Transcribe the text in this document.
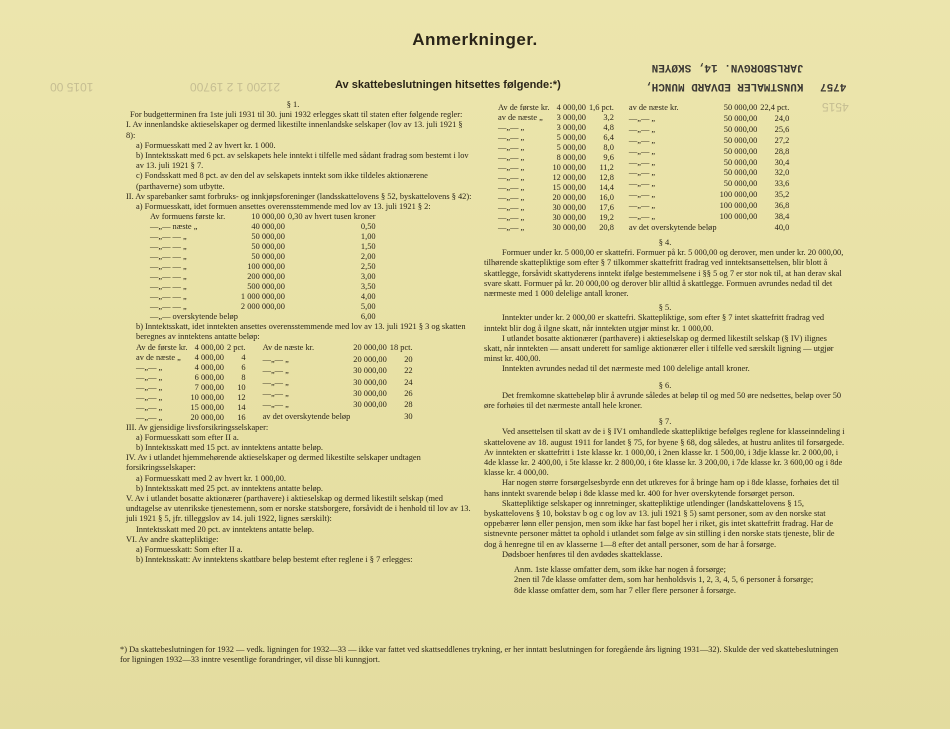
1015 00	21200 1 2 19700
4515
Anmerkninger.
Av skattebeslutningen hitsettes følgende:*)	KUNSTMALER EDVARD MUNCH,
JARLSBORGVN. 14, SKØYEN
4757

§ 1.

For budgetterminen fra 1ste juli 1931 til 30. juni 1932 erlegges skatt til staten efter følgende regler:

I. Av innenlandske aktieselskaper og dermed likestilte innenlandske selskaper (lov av 13. juli 1921 § 8):

a) Formuesskatt med 2 av hvert kr. 1 000.

b) Inntektsskatt med 6 pct. av selskapets hele inntekt i tilfelle med sådant fradrag som bestemt i lov av 13. juli 1921 § 7.

c) Fondsskatt med 8 pct. av den del av selskapets inntekt som ikke tildeles aktionærene (parthaverne) som utbytte.

II. Av sparebanker samt forbruks- og innkjøpsforeninger (landsskattelovens § 52, byskattelovens § 42):

a) Formuesskatt, idet formuen ansettes overensstemmende med lov av 13. juli 1921 § 2:

Av formuens første kr.	10 000,00	0,30 av hvert tusen kroner
—„— næste „	40 000,00	0,50
—„— — „	50 000,00	1,00
—„— — „	50 000,00	1,50
—„— — „	50 000,00	2,00
—„— — „	100 000,00	2,50
—„— — „	200 000,00	3,00
—„— — „	500 000,00	3,50
—„— — „	1 000 000,00	4,00
—„— — „	2 000 000,00	5,00
—„— overskytende beløp		6,00

b) Inntektsskatt, idet inntekten ansettes overensstemmende med lov av 13. juli 1921 § 3 og skatten beregnes av inntektens antatte beløp:

Av de første kr.	4 000,00	2 pct.
av de næste „	4 000,00	4
—„— „	4 000,00	6
—„— „	6 000,00	8
—„— „	7 000,00	10
—„— „	10 000,00	12
—„— „	15 000,00	14
—„— „	20 000,00	16
Av de næste kr.	20 000,00	18 pct.
—„— „	20 000,00	20
—„— „	30 000,00	22
—„— „	30 000,00	24
—„— „	30 000,00	26
—„— „	30 000,00	28
av det overskytende beløp		30

III. Av gjensidige livsforsikringsselskaper:

a) Formuesskatt som efter II a.

b) Inntektsskatt med 15 pct. av inntektens antatte beløp.

IV. Av i utlandet hjemmehørende aktieselskaper og dermed likestilte selskaper undtagen forsikringsselskaper:

a) Formuesskatt med 2 av hvert kr. 1 000,00.

b) Inntektsskatt med 25 pct. av inntektens antatte beløp.

V. Av i utlandet bosatte aktionærer (parthavere) i aktieselskap og dermed likestilt selskap (med undtagelse av utenrikske tjenestemenn, som er norske statsborgere, forsåvidt de i henhold til lov av 13. juli 1921 § 5, jfr. tilleggslov av 14. juli 1922, lignes særskilt):

Inntektsskatt med 20 pct. av inntektens antatte beløp.

VI. Av andre skattepliktige:

a) Formuesskatt: Som efter II a.

b) Inntektsskatt: Av inntektens skattbare beløp bestemt efter reglene i § 7 erlegges:

Av de første kr.	4 000,00	1,6 pct.
av de næste „	3 000,00	3,2
—„— „	3 000,00	4,8
—„— „	5 000,00	6,4
—„— „	5 000,00	8,0
—„— „	8 000,00	9,6
—„— „	10 000,00	11,2
—„— „	12 000,00	12,8
—„— „	15 000,00	14,4
—„— „	20 000,00	16,0
—„— „	30 000,00	17,6
—„— „	30 000,00	19,2
—„— „	30 000,00	20,8
av de næste kr.	50 000,00	22,4 pct.
—„— „	50 000,00	24,0
—„— „	50 000,00	25,6
—„— „	50 000,00	27,2
—„— „	50 000,00	28,8
—„— „	50 000,00	30,4
—„— „	50 000,00	32,0
—„— „	50 000,00	33,6
—„— „	100 000,00	35,2
—„— „	100 000,00	36,8
—„— „	100 000,00	38,4
av det overskytende beløp		40,0

§ 4.

Formuer under kr. 5 000,00 er skattefri. Formuer på kr. 5 000,00 og derover, men under kr. 20 000,00, tilhørende skattepliktige som efter § 7 tilkommer skattefritt fradrag ved inntektsansettelsen, blir blott å skattlegge, forsåvidt skattyderens inntekt ifølge bestemmelsene i §§ 5 og 7 er stor nok til, at han derav skal svare skatt. Formuer på kr. 20 000,00 og derover blir alltid å skattlegge. Formuen avrundes nedad til det nærmeste med 1 000 delelige antall kroner.

§ 5.

Inntekter under kr. 2 000,00 er skattefri. Skattepliktige, som efter § 7 intet skattefritt fradrag ved inntekt blir dog å ilgne skatt, når inntekten utgjør minst kr. 1 000,00.

I utlandet bosatte aktionærer (parthavere) i aktieselskap og dermed likestilt selskap (§ IV) ilignes skatt, når inntekten — ansatt underett for samlige aktionærer eller i tilfelle ved særskilt ligning — utgjør minst kr. 400,00.

Inntekten avrundes nedad til det nærmeste med 100 delelige antall kroner.

§ 6.

Det fremkomne skattebeløp blir å avrunde således at beløp til og med 50 øre nedsettes, beløp over 50 øre forhøies til det nærmeste antall hele kroner.

§ 7.

Ved ansettelsen til skatt av de i § IV1 omhandlede skattepliktige befølges reglene for klasseinndeling i skattelovene av 18. august 1911 for landet § 75, for byene § 68, dog således, at hustru anlites til forsørgede. Av inntekten er skattefritt i 1ste klasse kr. 1 000,00, i 2nen klasse kr. 1 500,00, i 3dje klasse kr. 2 000,00, i 4de klasse kr. 2 400,00, i 5te klasse kr. 2 800,00, i 6te klasse kr. 3 200,00, i 7de klasse kr. 3 600,00 og i 8de klasse kr. 4 000,00.

Har nogen større forsørgelsesbyrde enn det utkreves for å bringe ham op i 8de klasse, forhøies det til hans inntekt svarende beløp i 8de klasse med kr. 400 for hver overskytende forsørget person.

Skattepliktige selskaper og innretninger, skattepliktige utlendinger (landskattelovens § 15, byskattelovens § 10, bokstav b og c og lov av 13. juli 1921 § 5) samt personer, som av den norske stat oppebærer lønn eller pensjon, men som ikke har fast bopel her i riket, gis intet skattefritt fradrag. Har de sistnevnte personer måttet ta ophold i utlandet som følge av sin stilling i den norske stats tjeneste, blir de dog å henregne til en av klasserne 1—8 efter det antall personer, som de har å forsørge.

Dødsboer henføres til den avdødes skatteklasse.

Anm. 1ste klasse omfatter dem, som ikke har nogen å forsørge;

2nen til 7de klasse omfatter dem, som har henholdsvis 1, 2, 3, 4, 5, 6 personer å forsørge;

8de klasse omfatter dem, som har 7 eller flere personer å forsørge.

*) Da skattebeslutningen for 1932 — vedk. ligningen for 1932—33 — ikke var fattet ved skattseddlenes trykning, er her inntatt beslutningen for foregående års ligning 1931—32). Skulde der ved skattebeslutningen for ligningen 1932—33 inntre vesentlige forandringer, vil disse bli kunngjort.
